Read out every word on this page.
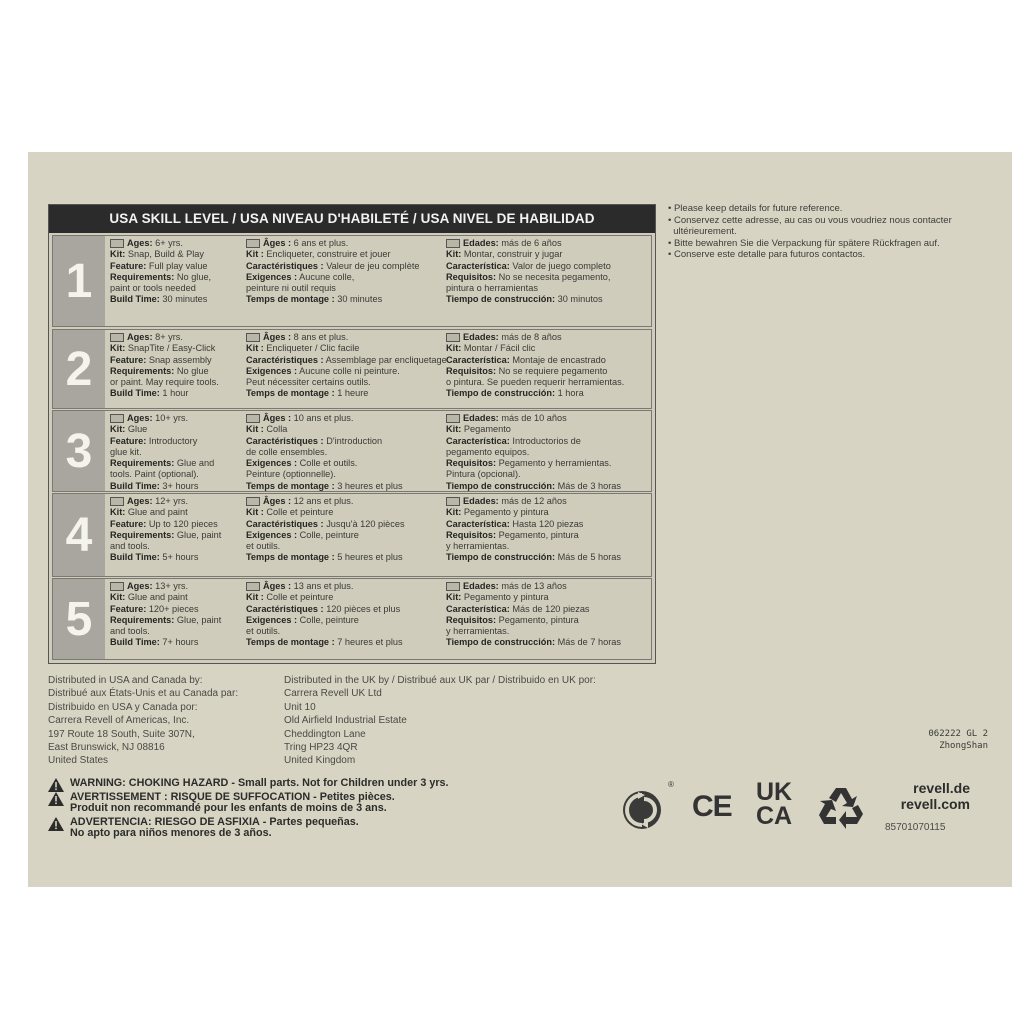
USA SKILL LEVEL / USA NIVEAU D'HABILETÉ / USA NIVEL DE HABILIDAD
1
Ages: 6+ yrs.
Kit: Snap, Build & Play
Feature: Full play value
Requirements: No glue,
paint or tools needed
Build Time: 30 minutes
Âges : 6 ans et plus.
Kit : Encliqueter, construire et jouer
Caractéristiques : Valeur de jeu complète
Exigences : Aucune colle,
peinture ni outil requis
Temps de montage : 30 minutes
Edades: más de 6 años
Kit: Montar, construir y jugar
Característica: Valor de juego completo
Requisitos: No se necesita pegamento,
pintura o herramientas
Tiempo de construcción: 30 minutos
2
Ages: 8+ yrs.
Kit: SnapTite / Easy-Click
Feature: Snap assembly
Requirements: No glue
or paint. May require tools.
Build Time: 1 hour
Âges : 8 ans et plus.
Kit : Encliqueter / Clic facile
Caractéristiques : Assemblage par encliquetage
Exigences : Aucune colle ni peinture.
Peut nécessiter certains outils.
Temps de montage : 1 heure
Edades: más de 8 años
Kit: Montar / Fácil clic
Característica: Montaje de encastrado
Requisitos: No se requiere pegamento
o pintura. Se pueden requerir herramientas.
Tiempo de construcción: 1 hora
3
Ages: 10+ yrs.
Kit: Glue
Feature: Introductory
glue kit.
Requirements: Glue and
tools. Paint (optional).
Build Time: 3+ hours
Âges : 10 ans et plus.
Kit : Colla
Caractéristiques : D'introduction
de colle ensembles.
Exigences : Colle et outils.
Peinture (optionnelle).
Temps de montage : 3 heures et plus
Edades: más de 10 años
Kit: Pegamento
Característica: Introductorios de
pegamento equipos.
Requisitos: Pegamento y herramientas.
Pintura (opcional).
Tiempo de construcción: Más de 3 horas
4
Ages: 12+ yrs.
Kit: Glue and paint
Feature: Up to 120 pieces
Requirements: Glue, paint
and tools.
Build Time: 5+ hours
Âges : 12 ans et plus.
Kit : Colle et peinture
Caractéristiques : Jusqu'à 120 pièces
Exigences : Colle, peinture
et outils.
Temps de montage : 5 heures et plus
Edades: más de 12 años
Kit: Pegamento y pintura
Característica: Hasta 120 piezas
Requisitos: Pegamento, pintura
y herramientas.
Tiempo de construcción: Más de 5 horas
5
Ages: 13+ yrs.
Kit: Glue and paint
Feature: 120+ pieces
Requirements: Glue, paint
and tools.
Build Time: 7+ hours
Âges : 13 ans et plus.
Kit : Colle et peinture
Caractéristiques : 120 pièces et plus
Exigences : Colle, peinture
et outils.
Temps de montage : 7 heures et plus
Edades: más de 13 años
Kit: Pegamento y pintura
Característica: Más de 120 piezas
Requisitos: Pegamento, pintura
y herramientas.
Tiempo de construcción: Más de 7 horas
• Please keep details for future reference.
• Conservez cette adresse, au cas ou vous voudriez nous contacter
ultérieurement.
• Bitte bewahren Sie die Verpackung für spätere Rückfragen auf.
• Conserve este detalle para futuros contactos.
Distributed in USA and Canada by:
Distribué aux États-Unis et au Canada par:
Distribuido en USA y Canada por:
Carrera Revell of Americas, Inc.
197 Route 18 South, Suite 307N,
East Brunswick, NJ 08816
United States
Distributed in the UK by / Distribué aux UK par / Distribuido en UK por:
Carrera Revell UK Ltd
Unit 10
Old Airfield Industrial Estate
Cheddington Lane
Tring HP23 4QR
United Kingdom
WARNING: CHOKING HAZARD - Small parts. Not for Children under 3 yrs.
AVERTISSEMENT : RISQUE DE SUFFOCATION - Petites pièces.
Produit non recommandé pour les enfants de moins de 3 ans.
ADVERTENCIA: RIESGO DE ASFIXIA - Partes pequeñas.
No apto para niños menores de 3 años.
062222 GL 2
ZhongShan
®
CE UK
CA
revell.de
revell.com
85701070115
